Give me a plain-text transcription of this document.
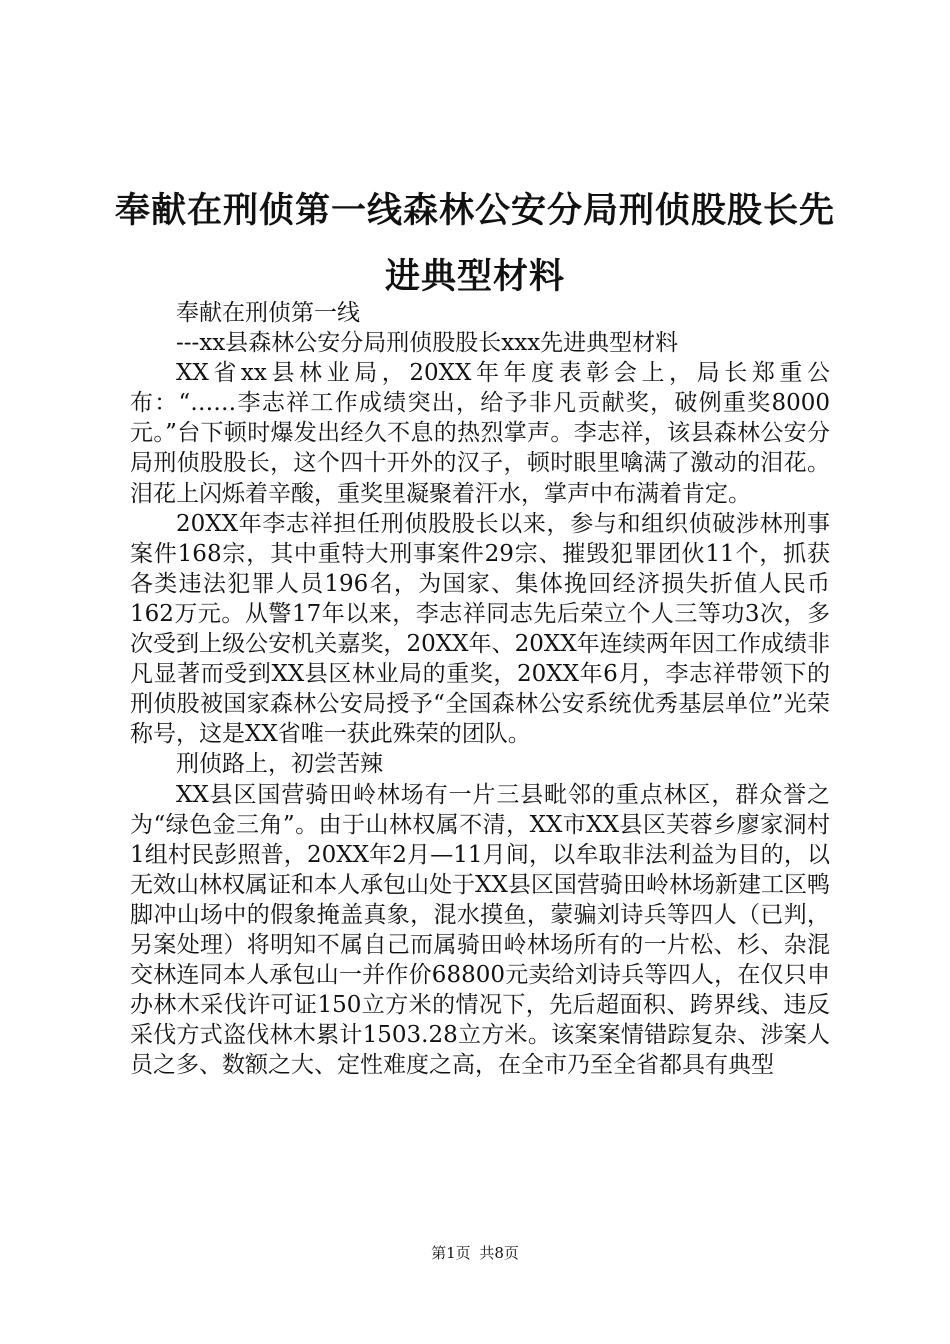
奉献在刑侦第一线森林公安分局刑侦股股长先进典型材料

奉献在刑侦第一线

---xx县森林公安分局刑侦股股长xxx先进典型材料

XX省xx县林业局，20XX年年度表彰会上，局长郑重公布：“……李志祥工作成绩突出，给予非凡贡献奖，破例重奖8000元。”台下顿时爆发出经久不息的热烈掌声。李志祥，该县森林公安分局刑侦股股长，这个四十开外的汉子，顿时眼里噙满了激动的泪花。泪花上闪烁着辛酸，重奖里凝聚着汗水，掌声中布满着肯定。

20XX年李志祥担任刑侦股股长以来，参与和组织侦破涉林刑事案件168宗，其中重特大刑事案件29宗、摧毁犯罪团伙11个，抓获各类违法犯罪人员196名，为国家、集体挽回经济损失折值人民币162万元。从警17年以来，李志祥同志先后荣立个人三等功3次，多次受到上级公安机关嘉奖，20XX年、20XX年连续两年因工作成绩非凡显著而受到XX县区林业局的重奖，20XX年6月，李志祥带领下的刑侦股被国家森林公安局授予“全国森林公安系统优秀基层单位”光荣称号，这是XX省唯一获此殊荣的团队。

刑侦路上，初尝苦辣

XX县区国营骑田岭林场有一片三县毗邻的重点林区，群众誉之为“绿色金三角”。由于山林权属不清，XX市XX县区芙蓉乡廖家洞村1组村民彭照普，20XX年2月—11月间，以牟取非法利益为目的，以无效山林权属证和本人承包山处于XX县区国营骑田岭林场新建工区鸭脚冲山场中的假象掩盖真象，混水摸鱼，蒙骗刘诗兵等四人（已判，另案处理）将明知不属自己而属骑田岭林场所有的一片松、杉、杂混交林连同本人承包山一并作价68800元卖给刘诗兵等四人，在仅只申办林木采伐许可证150立方米的情况下，先后超面积、跨界线、违反采伐方式盗伐林木累计1503.28立方米。该案案情错踪复杂、涉案人员之多、数额之大、定性难度之高，在全市乃至全省都具有典型

第1页 共8页
